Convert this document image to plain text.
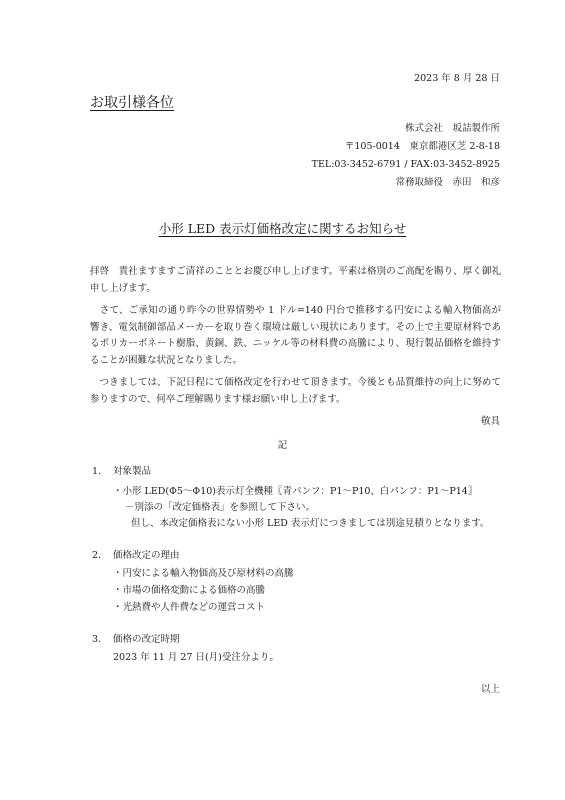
2023 年 8 月 28 日
お取引様各位
株式会社　坂詰製作所
〒105-0014　東京都港区芝 2-8-18
TEL:03-3452-6791 / FAX:03-3452-8925
常務取締役　赤田　和彦
小形 LED 表示灯価格改定に関するお知らせ
拝啓　貴社ますますご清祥のこととお慶び申し上げます。平素は格別のご高配を賜り、厚く御礼申し上げます。
　さて、ご承知の通り昨今の世界情勢や 1 ドル=140 円台で推移する円安による輸入物価高が響き、電気制御部品メーカーを取り巻く環境は厳しい現状にあります。その上で主要原材料であるポリカーボネート樹脂、黄銅、鉄、ニッケル等の材料費の高騰により、現行製品価格を維持することが困難な状況となりました。
　つきましては、下記日程にて価格改定を行わせて頂きます。今後とも品質維持の向上に努めて参りますので、何卒ご理解賜ります様お願い申し上げます。
敬具
記
1. 対象製品
・小形 LED(Φ5～Φ10)表示灯全機種〖青パンフ：P1～P10、白パンフ：P1～P14〗
－別添の「改定価格表」を参照して下さい。
但し、本改定価格表にない小形 LED 表示灯につきましては別途見積りとなります。
2. 価格改定の理由
・円安による輸入物価高及び原材料の高騰
・市場の価格変動による価格の高騰
・光熱費や人件費などの運営コスト
3. 価格の改定時期
2023 年 11 月 27 日(月)受注分より。
以上
